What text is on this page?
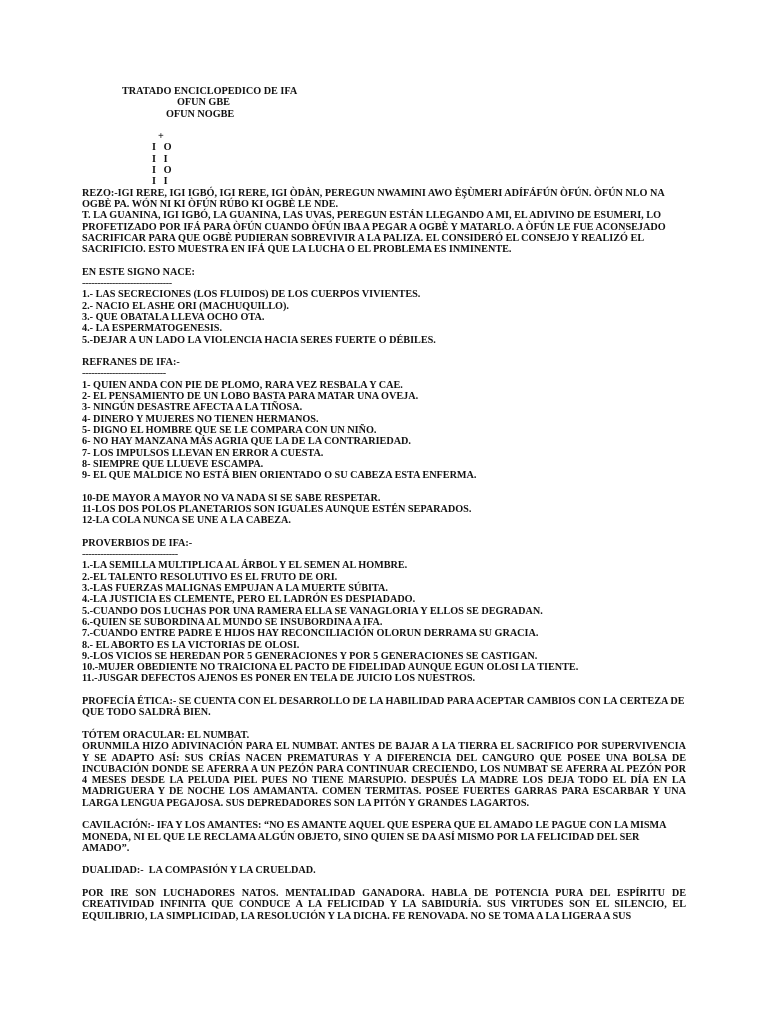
TRATADO ENCICLOPEDICO DE IFA
OFUN GBE
OFUN NOGBE
+
I   O
I   I
I   O
I   I
REZO:-IGI RERE, IGI IGBÓ, IGI RERE, IGI ÒDÀN, PEREGUN NWAMINI AWO ÈŞÙMERI ADÍFÁFÚN ÒFÚN. ÒFÚN NLO NA OGBÈ PA. WÓN NI KI ÒFÚN RÚBO KI OGBÈ LE NDE.
T. LA GUANINA, IGI IGBÓ, LA GUANINA, LAS UVAS, PEREGUN ESTÁN LLEGANDO A MI, EL ADIVINO DE ESUMERI, LO PROFETIZADO POR IFÁ PARA ÒFÚN CUANDO ÒFÚN IBA A PEGAR A OGBÈ Y MATARLO. A ÒFÚN LE FUE ACONSEJADO SACRIFICAR PARA QUE OGBÈ PUDIERAN SOBREVIVIR A LA PALIZA. EL CONSIDERÓ EL CONSEJO Y REALIZÓ EL SACRIFICIO. ESTO MUESTRA EN IFÁ QUE LA LUCHA O EL PROBLEMA ES INMINENTE.
EN ESTE SIGNO NACE:
------------------------------
1.- LAS SECRECIONES (LOS FLUIDOS) DE LOS CUERPOS VIVIENTES.
2.- NACIO EL ASHE ORI (MACHUQUILLO).
3.- QUE OBATALA LLEVA OCHO OTA.
4.- LA ESPERMATOGENESIS.
5.-DEJAR A UN LADO LA VIOLENCIA HACIA SERES FUERTE O DÉBILES.
REFRANES DE IFA:-
----------------------------
1- QUIEN ANDA CON PIE DE PLOMO, RARA VEZ RESBALA Y CAE.
2- EL PENSAMIENTO DE UN LOBO BASTA PARA MATAR UNA OVEJA.
3- NINGÚN DESASTRE AFECTA A LA TIÑOSA.
4- DINERO Y MUJERES NO TIENEN HERMANOS.
5- DIGNO EL HOMBRE QUE SE LE COMPARA CON UN NIÑO.
6- NO HAY MANZANA MÁS AGRIA QUE LA DE LA CONTRARIEDAD.
7- LOS IMPULSOS LLEVAN EN ERROR A CUESTA.
8- SIEMPRE QUE LLUEVE ESCAMPA.
9- EL QUE MALDICE NO ESTÁ BIEN ORIENTADO O SU CABEZA ESTA ENFERMA.
10-DE MAYOR A MAYOR NO VA NADA SI SE SABE RESPETAR.
11-LOS DOS POLOS PLANETARIOS SON IGUALES AUNQUE ESTÉN SEPARADOS.
12-LA COLA NUNCA SE UNE A LA CABEZA.
PROVERBIOS DE IFA:-
--------------------------------
1.-LA SEMILLA MULTIPLICA AL ÁRBOL Y EL SEMEN AL HOMBRE.
2.-EL TALENTO RESOLUTIVO ES EL FRUTO DE ORI.
3.-LAS FUERZAS MALIGNAS EMPUJAN A LA MUERTE SÚBITA.
4.-LA JUSTICIA ES CLEMENTE, PERO EL LADRÓN ES DESPIADADO.
5.-CUANDO DOS LUCHAS POR UNA RAMERA ELLA SE VANAGLORIA Y ELLOS SE DEGRADAN.
6.-QUIEN SE SUBORDINA AL MUNDO SE INSUBORDINA A IFA.
7.-CUANDO ENTRE PADRE E HIJOS HAY RECONCILIACIÓN OLORUN DERRAMA SU GRACIA.
8.- EL ABORTO ES LA VICTORIAS DE OLOSI.
9.-LOS VICIOS SE HEREDAN POR 5 GENERACIONES Y POR 5 GENERACIONES SE CASTIGAN.
10.-MUJER OBEDIENTE NO TRAICIONA EL PACTO DE FIDELIDAD AUNQUE EGUN OLOSI LA TIENTE.
11.-JUSGAR DEFECTOS AJENOS ES PONER EN TELA DE JUICIO LOS NUESTROS.
PROFECÍA ÉTICA:- SE CUENTA CON EL DESARROLLO DE LA HABILIDAD PARA ACEPTAR CAMBIOS CON LA CERTEZA DE QUE TODO SALDRÁ BIEN.
TÓTEM ORACULAR: EL NUMBAT.
ORUNMILA HIZO ADIVINACIÓN PARA EL NUMBAT. ANTES DE BAJAR A LA TIERRA EL SACRIFICO POR SUPERVIVENCIA Y SE ADAPTO ASÍ: SUS CRÍAS NACEN PREMATURAS Y A DIFERENCIA DEL CANGURO QUE POSEE UNA BOLSA DE INCUBACIÓN DONDE SE AFERRA A UN PEZÓN PARA CONTINUAR CRECIENDO, LOS NUMBAT SE AFERRA AL PEZÓN POR 4 MESES DESDE LA PELUDA PIEL PUES NO TIENE MARSUPIO. DESPUÉS LA MADRE LOS DEJA TODO EL DÍA EN LA MADRIGUERA Y DE NOCHE LOS AMAMANTA. COMEN TERMITAS. POSEE FUERTES GARRAS PARA ESCARBAR Y UNA LARGA LENGUA PEGAJOSA. SUS DEPREDADORES SON LA PITÓN Y GRANDES LAGARTOS.
CAVILACIÓN:- IFA Y LOS AMANTES: “NO ES AMANTE AQUEL QUE ESPERA QUE EL AMADO LE PAGUE CON LA MISMA MONEDA, NI EL QUE LE RECLAMA ALGÚN OBJETO, SINO QUIEN SE DA ASÍ MISMO POR LA FELICIDAD DEL SER AMADO”.
DUALIDAD:-  LA COMPASIÓN Y LA CRUELDAD.
POR IRE SON LUCHADORES NATOS. MENTALIDAD GANADORA. HABLA DE POTENCIA PURA DEL ESPÍRITU DE CREATIVIDAD INFINITA QUE CONDUCE A LA FELICIDAD Y LA SABIDURÍA. SUS VIRTUDES SON EL SILENCIO, EL EQUILIBRIO, LA SIMPLICIDAD, LA RESOLUCIÓN Y LA DICHA. FE RENOVADA. NO SE TOMA A LA LIGERA A SUS
